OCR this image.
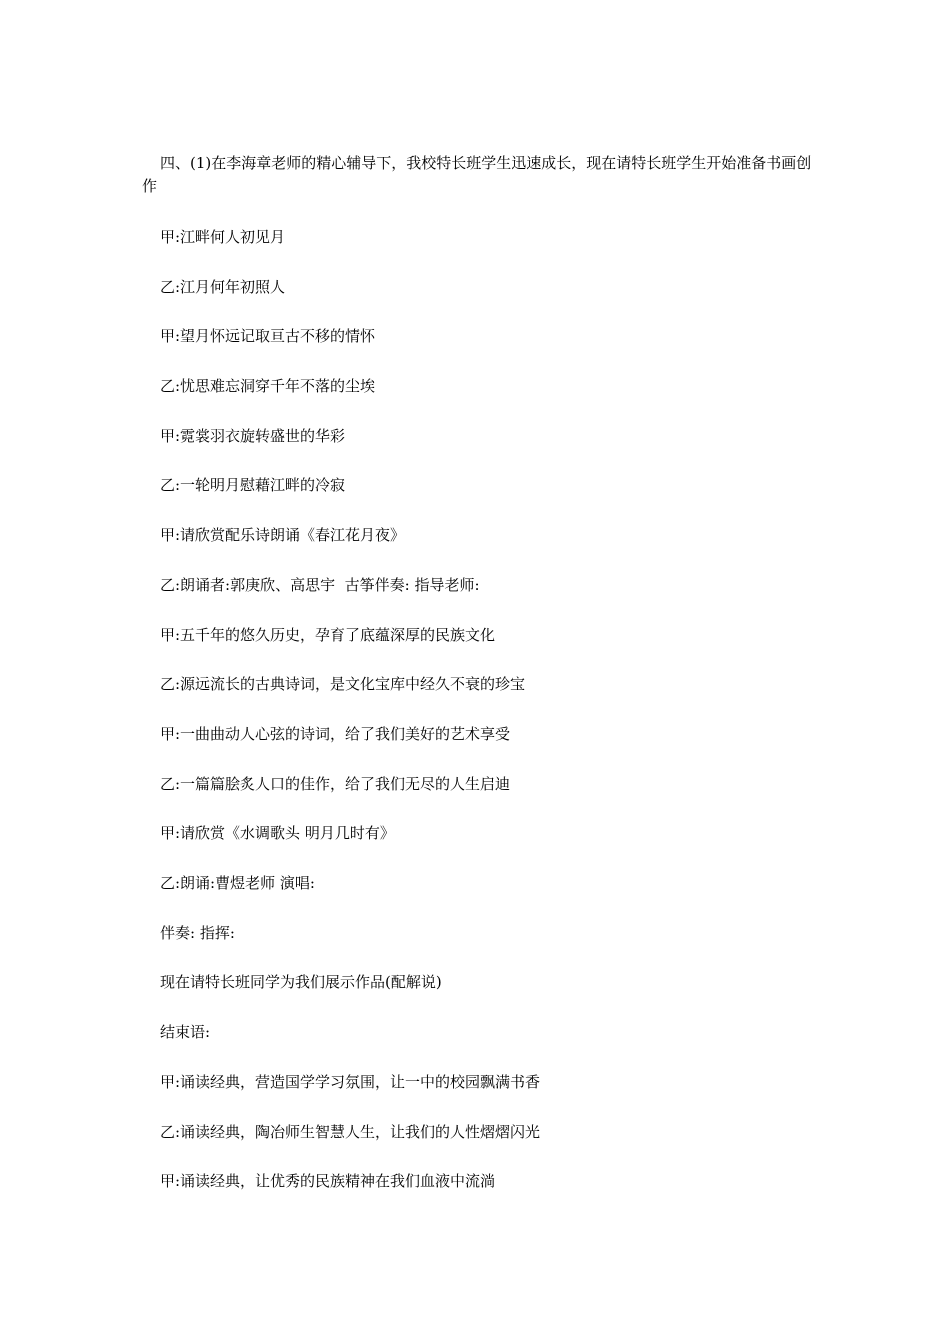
四、(1)在李海章老师的精心辅导下，我校特长班学生迅速成长，现在请特长班学生开始准备书画创作

甲:江畔何人初见月

乙:江月何年初照人

甲:望月怀远记取亘古不移的情怀

乙:忧思难忘洞穿千年不落的尘埃

甲:霓裳羽衣旋转盛世的华彩

乙:一轮明月慰藉江畔的冷寂

甲:请欣赏配乐诗朗诵《春江花月夜》

乙:朗诵者:郭庚欣、高思宇  古筝伴奏: 指导老师:

甲:五千年的悠久历史，孕育了底蕴深厚的民族文化

乙:源远流长的古典诗词，是文化宝库中经久不衰的珍宝

甲:一曲曲动人心弦的诗词，给了我们美好的艺术享受

乙:一篇篇脍炙人口的佳作，给了我们无尽的人生启迪

甲:请欣赏《水调歌头 明月几时有》

乙:朗诵:曹煜老师 演唱:

伴奏: 指挥:

现在请特长班同学为我们展示作品(配解说)

结束语:

甲:诵读经典，营造国学学习氛围，让一中的校园飘满书香

乙:诵读经典，陶冶师生智慧人生，让我们的人性熠熠闪光

甲:诵读经典，让优秀的民族精神在我们血液中流淌
